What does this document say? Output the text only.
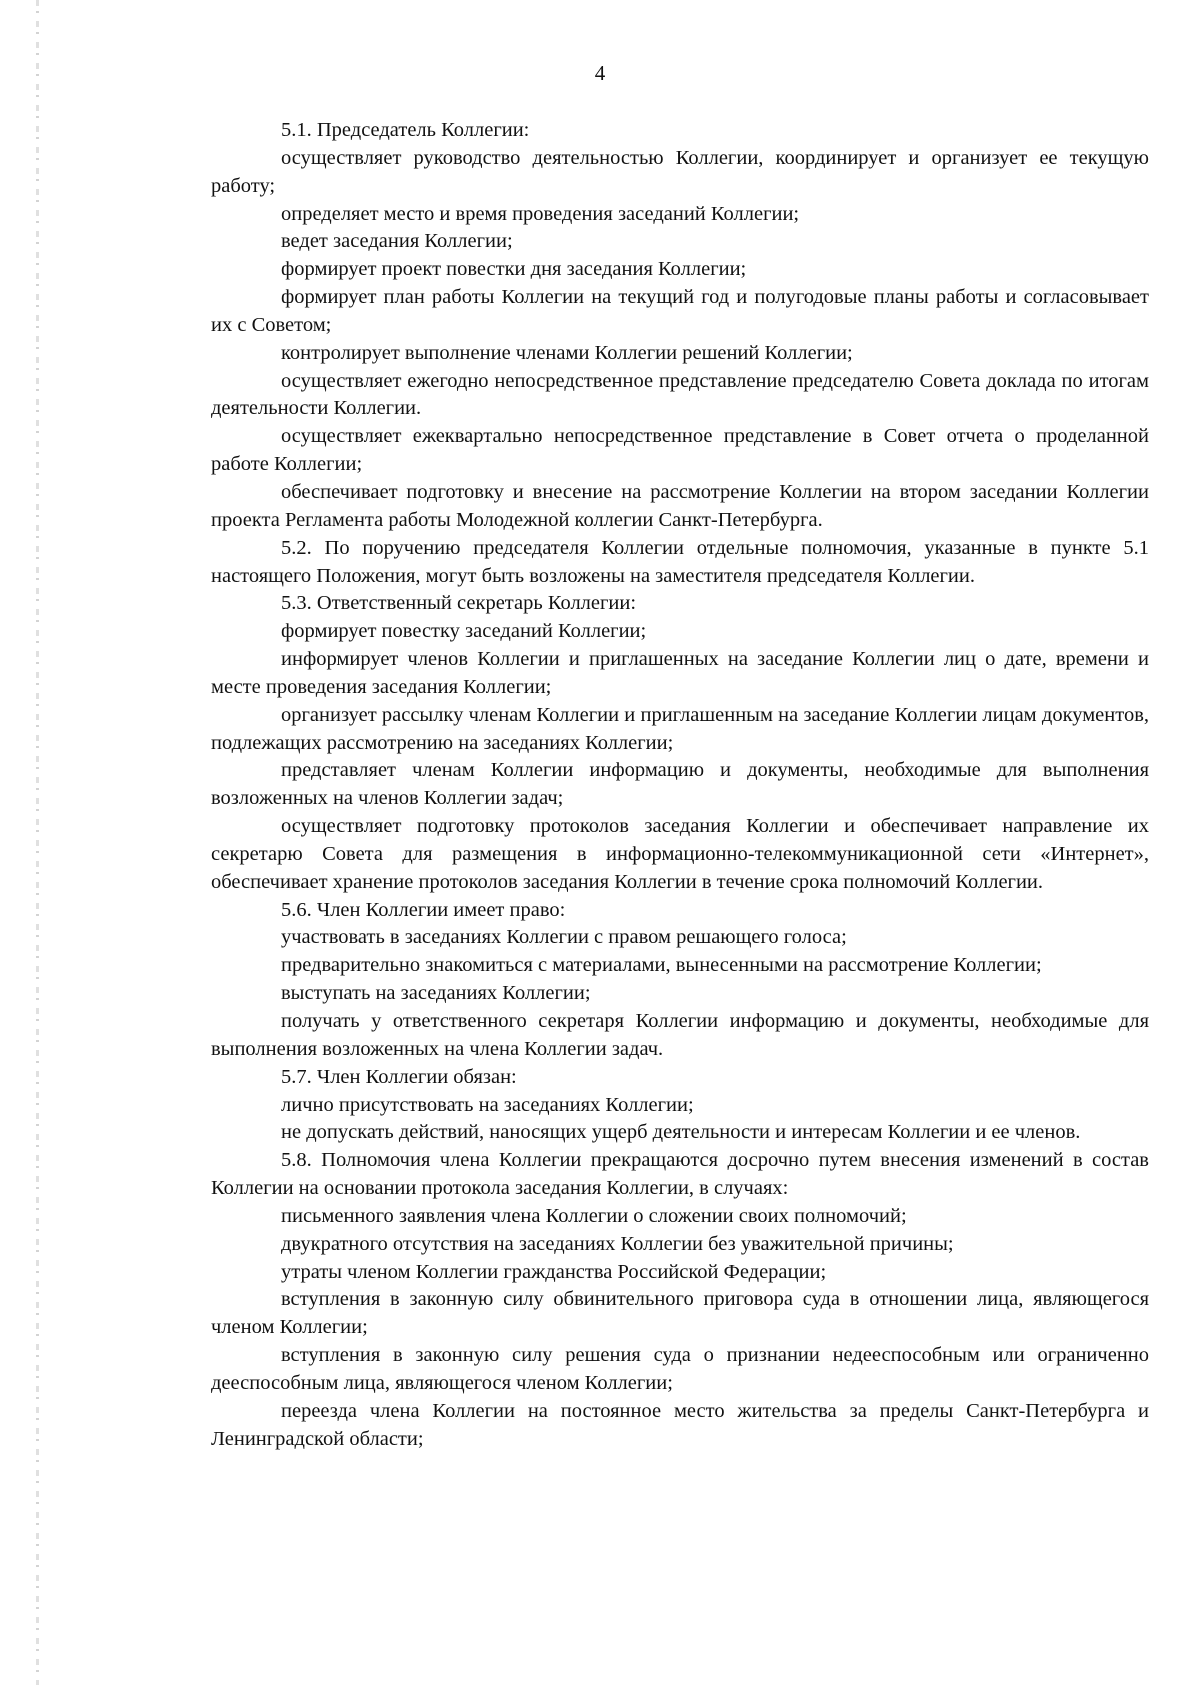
4

5.1. Председатель Коллегии:

осуществляет руководство деятельностью Коллегии, координирует и организует ее текущую работу;

определяет место и время проведения заседаний Коллегии;

ведет заседания Коллегии;

формирует проект повестки дня заседания Коллегии;

формирует план работы Коллегии на текущий год и полугодовые планы работы и согласовывает их с Советом;

контролирует выполнение членами Коллегии решений Коллегии;

осуществляет ежегодно непосредственное представление председателю Совета доклада по итогам деятельности Коллегии.

осуществляет ежеквартально непосредственное представление в Совет отчета о проделанной работе Коллегии;

обеспечивает подготовку и внесение на рассмотрение Коллегии на втором заседании Коллегии проекта Регламента работы Молодежной коллегии Санкт-Петербурга.

5.2. По поручению председателя Коллегии отдельные полномочия, указанные в пункте 5.1 настоящего Положения, могут быть возложены на заместителя председателя Коллегии.

5.3. Ответственный секретарь Коллегии:

формирует повестку заседаний Коллегии;

информирует членов Коллегии и приглашенных на заседание Коллегии лиц о дате, времени и месте проведения заседания Коллегии;

организует рассылку членам Коллегии и приглашенным на заседание Коллегии лицам документов, подлежащих рассмотрению на заседаниях Коллегии;

представляет членам Коллегии информацию и документы, необходимые для выполнения возложенных на членов Коллегии задач;

осуществляет подготовку протоколов заседания Коллегии и обеспечивает направление их секретарю Совета для размещения в информационно-телекоммуникационной сети «Интернет», обеспечивает хранение протоколов заседания Коллегии в течение срока полномочий Коллегии.

5.6. Член Коллегии имеет право:

участвовать в заседаниях Коллегии с правом решающего голоса;

предварительно знакомиться с материалами, вынесенными на рассмотрение Коллегии;

выступать на заседаниях Коллегии;

получать у ответственного секретаря Коллегии информацию и документы, необходимые для выполнения возложенных на члена Коллегии задач.

5.7. Член Коллегии обязан:

лично присутствовать на заседаниях Коллегии;

не допускать действий, наносящих ущерб деятельности и интересам Коллегии и ее членов.

5.8. Полномочия члена Коллегии прекращаются досрочно путем внесения изменений в состав Коллегии на основании протокола заседания Коллегии, в случаях:

письменного заявления члена Коллегии о сложении своих полномочий;

двукратного отсутствия на заседаниях Коллегии без уважительной причины;

утраты членом Коллегии гражданства Российской Федерации;

вступления в законную силу обвинительного приговора суда в отношении лица, являющегося членом Коллегии;

вступления в законную силу решения суда о признании недееспособным или ограниченно дееспособным лица, являющегося членом Коллегии;

переезда члена Коллегии на постоянное место жительства за пределы Санкт-Петербурга и Ленинградской области;
